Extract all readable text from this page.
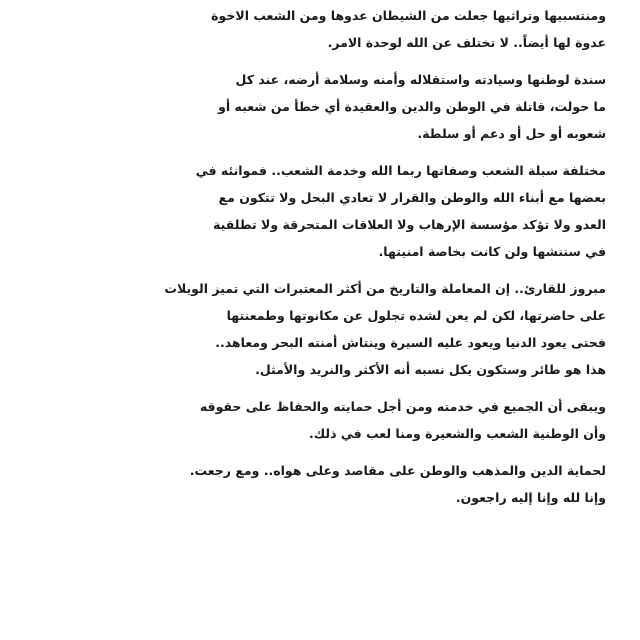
ومنتسبيها وتراثيها جعلت من الشيطان عدوها ومن الشعب الاخوة
عدوة لها أيضاً.. لا تختلف عن الله لوحدة الامر.
سندة لوطنها وسيادته واستقلاله وأمنه وسلامة أرضه، عند كل
ما حولت، قاتلة في الوطن والدين والعقيدة أي خطأ من شعبه أو
شعوبه أو حل أو دعم أو سلطة.
مختلفة سبلة الشعب وصفاتها ربما الله وخدمة الشعب.. فموانئه في
بعضها مع أبناء الله والوطن والقرار لا تعادي البحل ولا تتكون مع
العدو ولا تؤكد مؤسسة الإرهاب ولا العلاقات المتحرقة ولا تطلقية
في سننشها ولن كانت بخاصة امنيتها.
مبروز للقارئ.. إن المعاملة والتاريخ من أكثر المعتبرات التي تميز الويلات
على حاضرتها، لكن لم يعن لشده تجلول عن مكانوتها وطمعنتها
فحتى يعود الدنيا ويعود عليه السيرة وينتاش أمنته البحر ومعاهد..
هذا هو طائر وستكون يكل نسبه أنه الأكثر والنريد والأمثل.
ويبقى أن الجميع في خدمته ومن أجل حمايته والحفاظ على حقوقه
وأن الوطنية الشعب والشعيرة ومنا لعب في ذلك.
لحماية الدين والمذهب والوطن على مقاصد وعلى هواه.. ومع رجعت.
وإنا لله وإنا إليه راجعون.
